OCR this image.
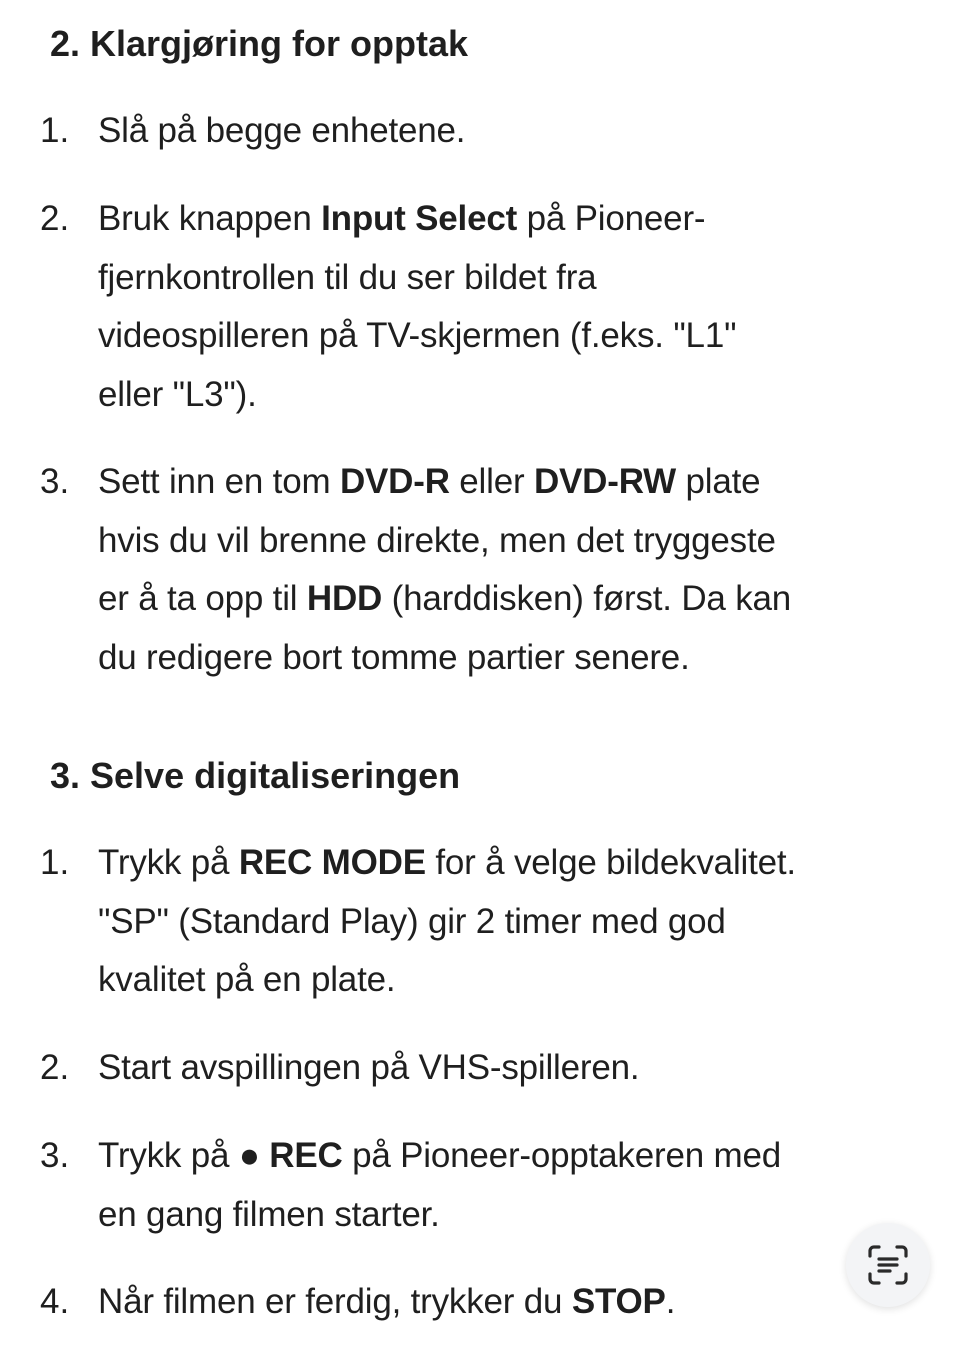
2. Klargjøring for opptak
1. Slå på begge enhetene.
2. Bruk knappen Input Select på Pioneer-
fjernkontrollen til du ser bildet fra
videospilleren på TV-skjermen (f.eks. "L1"
eller "L3").
3. Sett inn en tom DVD-R eller DVD-RW plate
hvis du vil brenne direkte, men det tryggeste
er å ta opp til HDD (harddisken) først. Da kan
du redigere bort tomme partier senere.
3. Selve digitaliseringen
1. Trykk på REC MODE for å velge bildekvalitet.
"SP" (Standard Play) gir 2 timer med god
kvalitet på en plate.
2. Start avspillingen på VHS-spilleren.
3. Trykk på ● REC på Pioneer-opptakeren med
en gang filmen starter.
4. Når filmen er ferdig, trykker du STOP.
